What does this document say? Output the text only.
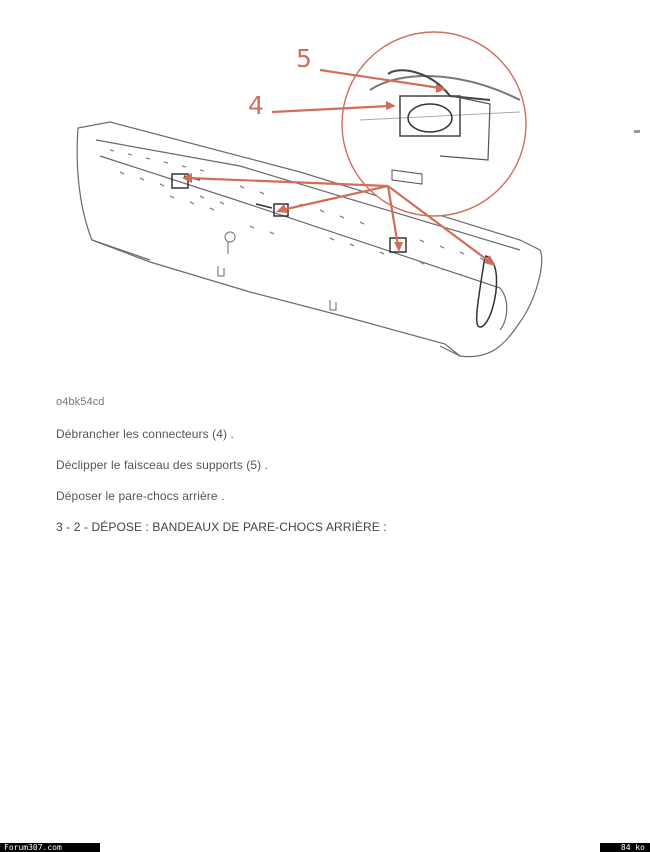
5
4
o4bk54cd
Débrancher les connecteurs (4) .
Déclipper le faisceau des supports (5) .
Déposer le pare-chocs arrière .
3 - 2 - DÉPOSE : BANDEAUX DE PARE-CHOCS ARRIÈRE :
Forum307.com	84 ko
